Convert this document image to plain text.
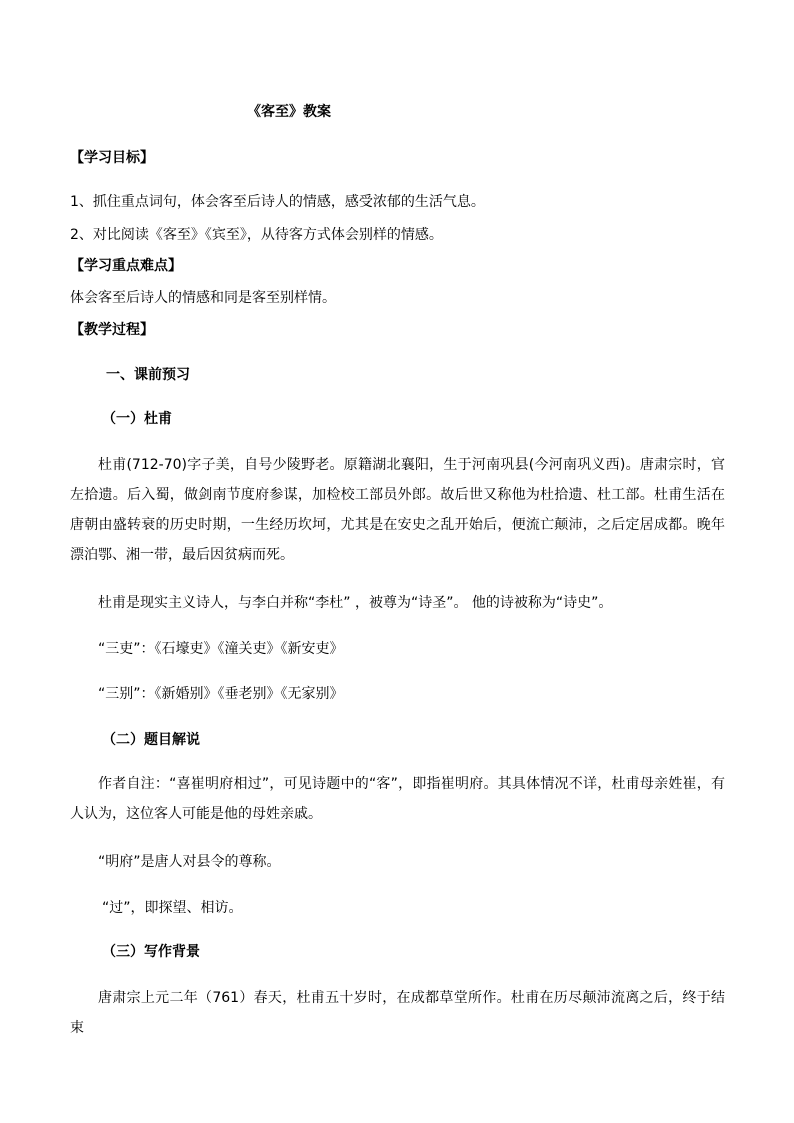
《客至》教案
【学习目标】
1、抓住重点词句，体会客至后诗人的情感，感受浓郁的生活气息。
2、对比阅读《客至》《宾至》，从待客方式体会别样的情感。
【学习重点难点】
体会客至后诗人的情感和同是客至别样情。
【教学过程】
一、课前预习
（一）杜甫
杜甫(712-70)字子美，自号少陵野老。原籍湖北襄阳，生于河南巩县(今河南巩义西)。唐肃宗时，官左拾遗。后入蜀，做剑南节度府参谋，加检校工部员外郎。故后世又称他为杜拾遗、杜工部。杜甫生活在唐朝由盛转衰的历史时期，一生经历坎坷，尤其是在安史之乱开始后，便流亡颠沛，之后定居成都。晚年漂泊鄂、湘一带，最后因贫病而死。
杜甫是现实主义诗人，与李白并称“李杜” ，被尊为“诗圣”。 他的诗被称为“诗史”。
“三吏”：《石壕吏》《潼关吏》《新安吏》
“三别”：《新婚别》《垂老别》《无家别》
（二）题目解说
作者自注：“喜崔明府相过”，可见诗题中的“客”，即指崔明府。其具体情况不详，杜甫母亲姓崔，有人认为，这位客人可能是他的母姓亲戚。
“明府”是唐人对县令的尊称。
“过”，即探望、相访。
（三）写作背景
唐肃宗上元二年（761）春天，杜甫五十岁时，在成都草堂所作。杜甫在历尽颠沛流离之后，终于结束
